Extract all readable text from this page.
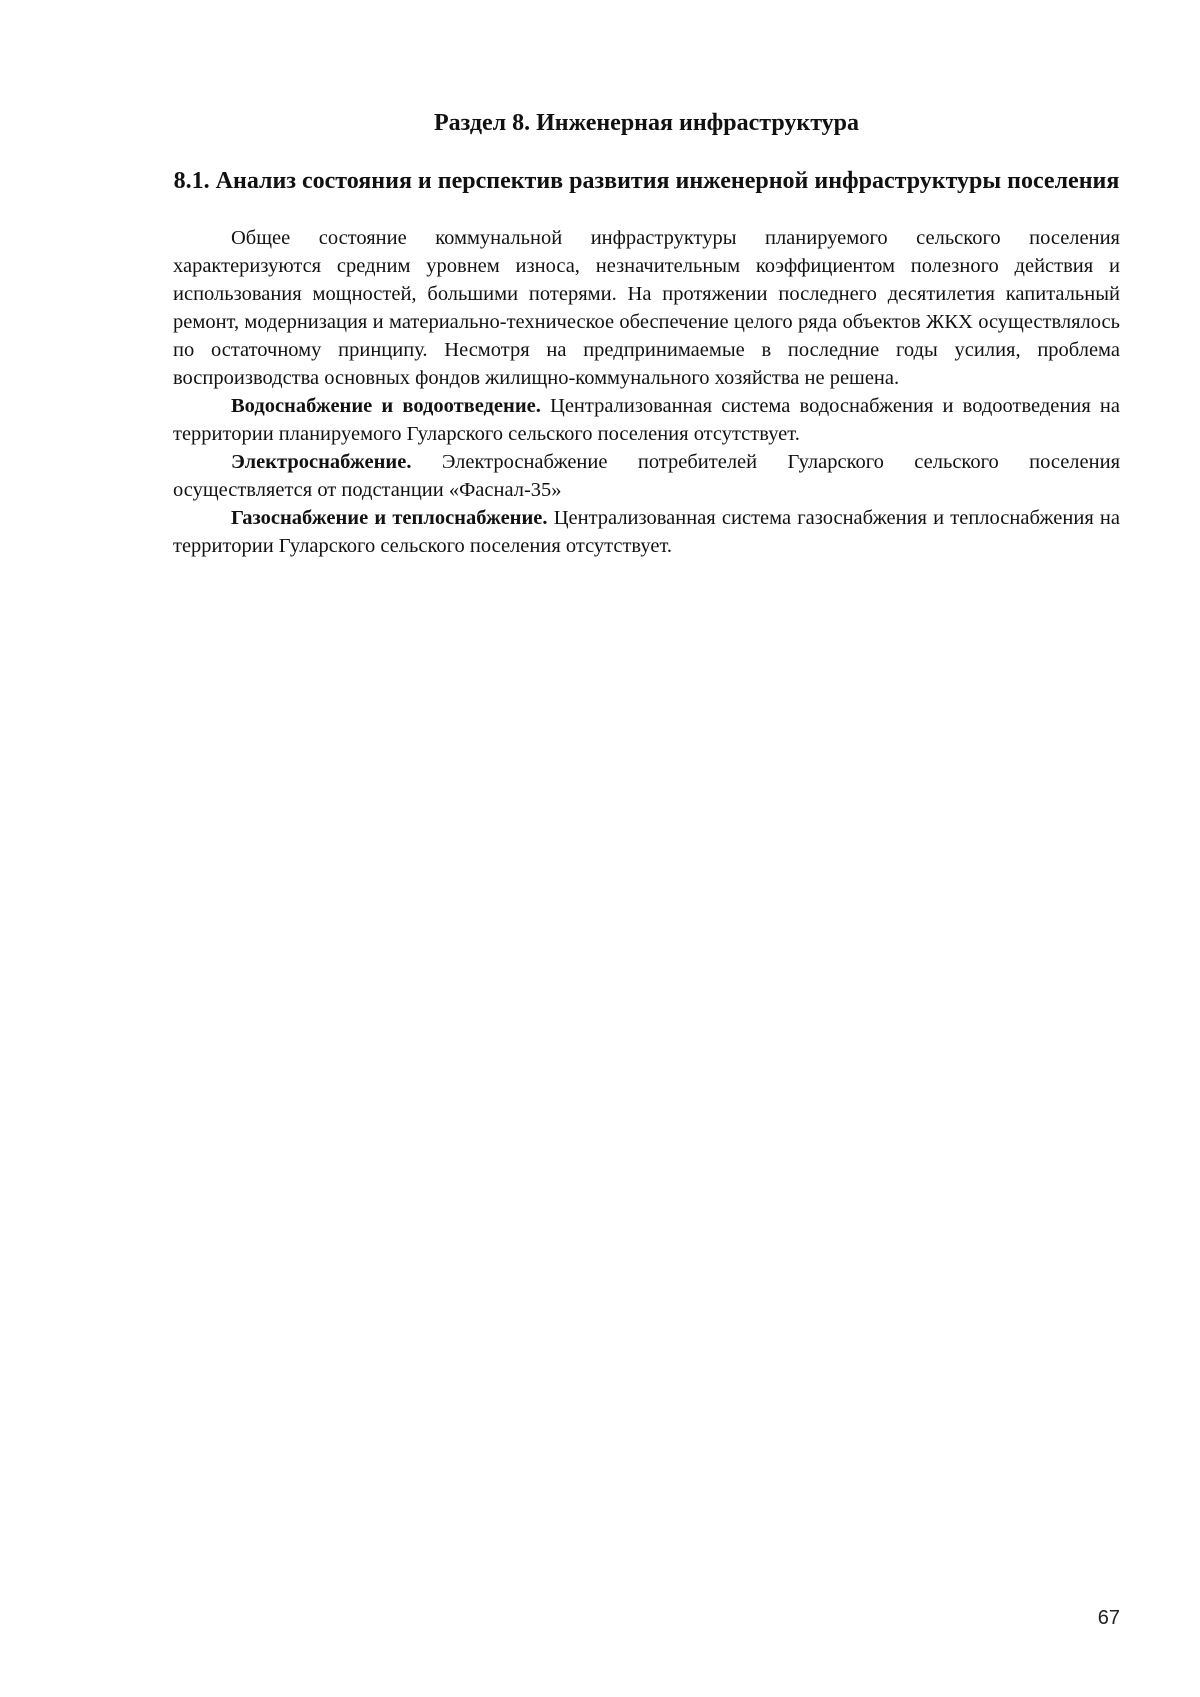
Раздел 8. Инженерная инфраструктура
8.1. Анализ состояния и перспектив развития инженерной инфраструктуры поселения

Общее состояние коммунальной инфраструктуры планируемого сельского поселения характеризуются средним уровнем износа, незначительным коэффициентом полезного действия и использования мощностей, большими потерями. На протяжении последнего десятилетия капитальный ремонт, модернизация и материально-техническое обеспечение целого ряда объектов ЖКХ осуществлялось по остаточному принципу. Несмотря на предпринимаемые в последние годы усилия, проблема воспроизводства основных фондов жилищно-коммунального хозяйства не решена.

Водоснабжение и водоотведение. Централизованная система водоснабжения и водоотведения на территории планируемого Гуларского сельского поселения отсутствует.

Электроснабжение. Электроснабжение потребителей Гуларского сельского поселения осуществляется от подстанции «Фаснал-35»

Газоснабжение и теплоснабжение. Централизованная система газоснабжения и теплоснабжения на территории Гуларского сельского поселения отсутствует.

67
